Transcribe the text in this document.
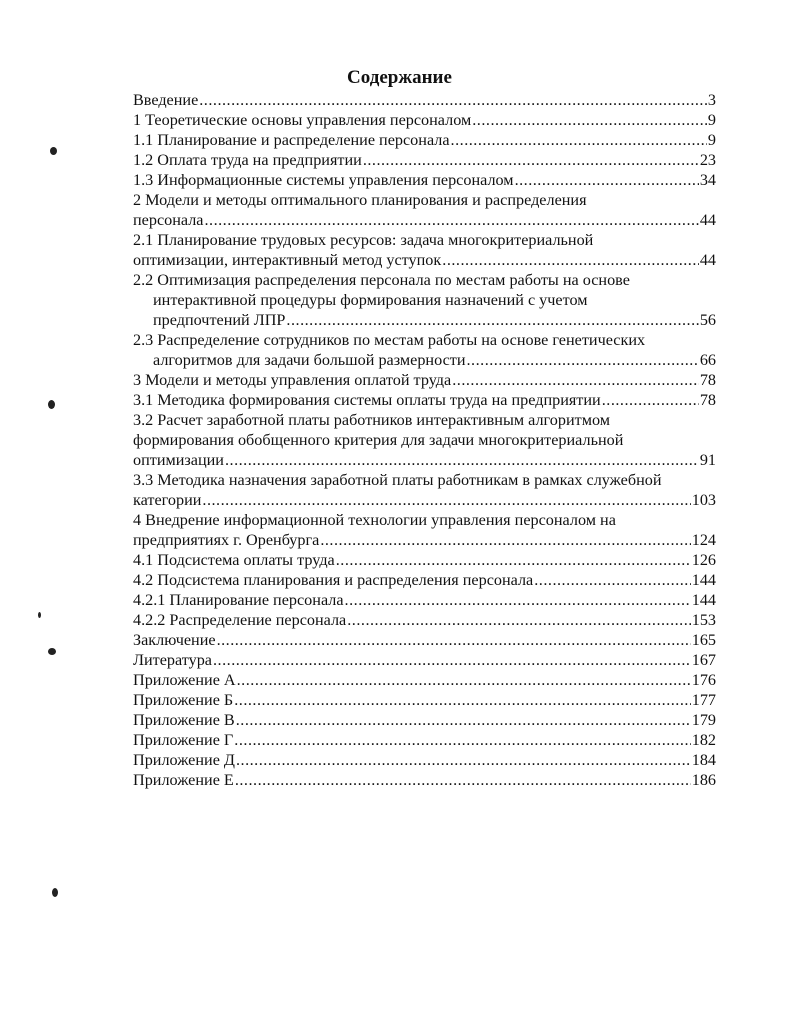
Содержание
Введение .....	3
1 Теоретические основы управления персоналом .....	9
1.1 Планирование и распределение персонала .....	9
1.2 Оплата труда на предприятии .....	23
1.3 Информационные системы управления персоналом .....	34
2 Модели и методы оптимального планирования и распределения
персонала .....	44
2.1 Планирование трудовых ресурсов: задача многокритериальной
оптимизации, интерактивный метод уступок .....	44
2.2 Оптимизация распределения персонала по местам работы на основе
интерактивной процедуры формирования назначений с учетом
предпочтений ЛПР .....	56
2.3 Распределение сотрудников по местам работы на основе генетических
алгоритмов для задачи большой размерности .....	66
3 Модели и методы управления оплатой труда .....	78
3.1 Методика формирования системы оплаты труда на предприятии .....	78
3.2 Расчет заработной платы работников интерактивным алгоритмом
формирования обобщенного критерия для задачи многокритериальной
оптимизации .....	91
3.3 Методика назначения заработной платы работникам в рамках служебной
категории .....	103
4 Внедрение информационной технологии управления персоналом на
предприятиях г. Оренбурга .....	124
4.1 Подсистема оплаты труда .....	126
4.2 Подсистема планирования и распределения персонала .....	144
4.2.1 Планирование персонала .....	144
4.2.2 Распределение персонала .....	153
Заключение .....	165
Литература .....	167
Приложение А .....	176
Приложение Б .....	177
Приложение В .....	179
Приложение Г .....	182
Приложение Д .....	184
Приложение Е .....	186
